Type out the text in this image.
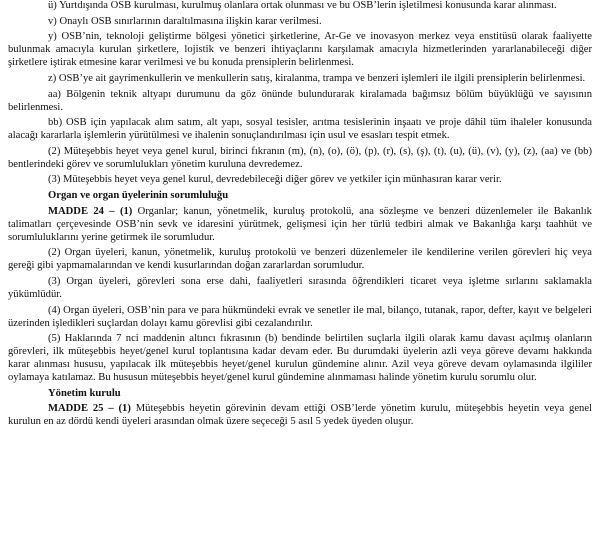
ü) Yurtdışında OSB kurulması, kurulmuş olanlara ortak olunması ve bu OSB’lerin işletilmesi konusunda karar alınması.

v) Onaylı OSB sınırlarının daraltılmasına ilişkin karar verilmesi.

y) OSB’nin, teknoloji geliştirme bölgesi yönetici şirketlerine, Ar-Ge ve inovasyon merkez veya enstitüsü olarak faaliyette bulunmak amacıyla kurulan şirketlere, lojistik ve benzeri ihtiyaçlarını karşılamak amacıyla hizmetlerinden yararlanabileceği diğer şirketlere iştirak etmesine karar verilmesi ve bu konuda prensiplerin belirlenmesi.

z) OSB’ye ait gayrimenkullerin ve menkullerin satış, kiralanma, trampa ve benzeri işlemleri ile ilgili prensiplerin belirlenmesi.

aa) Bölgenin teknik altyapı durumunu da göz önünde bulundurarak kiralamada bağımsız bölüm büyüklüğü ve sayısının belirlenmesi.

bb) OSB için yapılacak alım satım, alt yapı, sosyal tesisler, arıtma tesislerinin inşaatı ve proje dâhil tüm ihaleler konusunda alacağı kararlarla işlemlerin yürütülmesi ve ihalenin sonuçlandırılması için usul ve esasları tespit etmek.

(2) Müteşebbis heyet veya genel kurul, birinci fıkranın (m), (n), (o), (ö), (p), (r), (s), (ş), (t), (u), (ü), (v), (y), (z), (aa) ve (bb) bentlerindeki görev ve sorumlulukları yönetim kuruluna devredemez.

(3) Müteşebbis heyet veya genel kurul, devredebileceği diğer görev ve yetkiler için münhasıran karar verir.

Organ ve organ üyelerinin sorumluluğu

MADDE 24 – (1) Organlar; kanun, yönetmelik, kuruluş protokolü, ana sözleşme ve benzeri düzenlemeler ile Bakanlık talimatları çerçevesinde OSB’nin sevk ve idaresini yürütmek, gelişmesi için her türlü tedbiri almak ve Bakanlığa karşı taahhüt ve sorumluluklarını yerine getirmek ile sorumludur.

(2) Organ üyeleri, kanun, yönetmelik, kuruluş protokolü ve benzeri düzenlemeler ile kendilerine verilen görevleri hiç veya gereği gibi yapmamalarından ve kendi kusurlarından doğan zararlardan sorumludur.

(3) Organ üyeleri, görevleri sona erse dahi, faaliyetleri sırasında öğrendikleri ticaret veya işletme sırlarını saklamakla yükümlüdür.

(4) Organ üyeleri, OSB’nin para ve para hükmündeki evrak ve senetler ile mal, bilanço, tutanak, rapor, defter, kayıt ve belgeleri üzerinden işledikleri suçlardan dolayı kamu görevlisi gibi cezalandırılır.

(5) Haklarında 7 nci maddenin altıncı fıkrasının (b) bendinde belirtilen suçlarla ilgili olarak kamu davası açılmış olanların görevleri, ilk müteşebbis heyet/genel kurul toplantısına kadar devam eder. Bu durumdaki üyelerin azli veya göreve devamı hakkında karar alınması hususu, yapılacak ilk müteşebbis heyet/genel kurulun gündemine alınır. Azil veya göreve devam oylamasında ilgililer oylamaya katılamaz. Bu hususun müteşebbis heyet/genel kurul gündemine alınmaması halinde yönetim kurulu sorumlu olur.

Yönetim kurulu

MADDE 25 – (1) Müteşebbis heyetin görevinin devam ettiği OSB’lerde yönetim kurulu, müteşebbis heyetin veya genel kurulun en az dördü kendi üyeleri arasından olmak üzere seçeceği 5 asıl 5 yedek üyeden oluşur.
